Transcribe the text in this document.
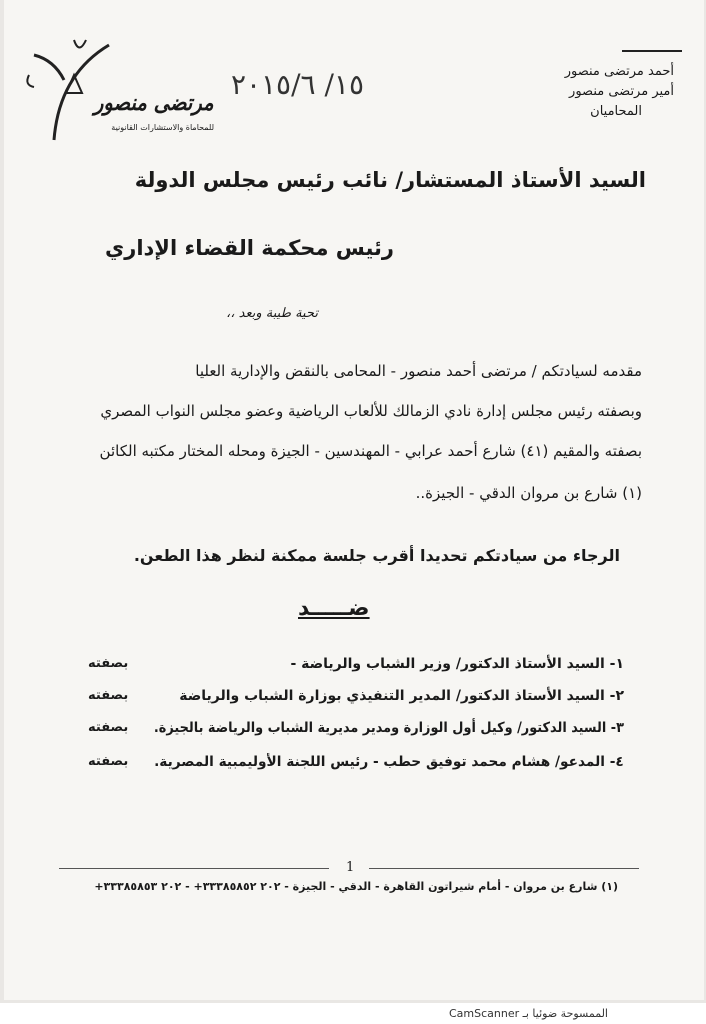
مرتضى منصور
للمحاماة والاستشارات القانونية
١٥/ ٢٠١٥/٦	أحمد مرتضى منصور
أمير مرتضى منصور
المحاميان
السيد الأستاذ المستشار/ نائب رئيس مجلس الدولة
رئيس محكمة القضاء الإداري
تحية طيبة وبعد ،،
مقدمه لسيادتكم / مرتضى أحمد منصور - المحامى بالنقض والإدارية العليا
وبصفته رئيس مجلس إدارة نادي الزمالك للألعاب الرياضية وعضو مجلس النواب المصري
بصفته والمقيم (٤١) شارع أحمد عرابي - المهندسين - الجيزة ومحله المختار مكتبه الكائن
(١) شارع بن مروان الدقي - الجيزة..
الرجاء من سيادتكم تحديدا أقرب جلسة ممكنة لنظر هذا الطعن.
ضـــــد
١- السيد الأستاذ الدكتور/ وزير الشباب والرياضة -
بصفته
٢- السيد الأستاذ الدكتور/ المدير التنفيذي بوزارة الشباب والرياضة
بصفته
٣- السيد الدكتور/ وكيل أول الوزارة ومدير مديرية الشباب والرياضة بالجيزة.
بصفته
٤- المدعو/ هشام محمد توفيق حطب - رئيس اللجنة الأوليمبية المصرية.
بصفته
1
(١) شارع بن مروان - أمام شيراتون القاهرة - الدقي - الجيزة - ٢٠٢ ٣٣٣٨٥٨٥٢+ - ٢٠٢ ٣٣٣٨٥٨٥٣+
الممسوحة ضوئيا بـ CamScanner
